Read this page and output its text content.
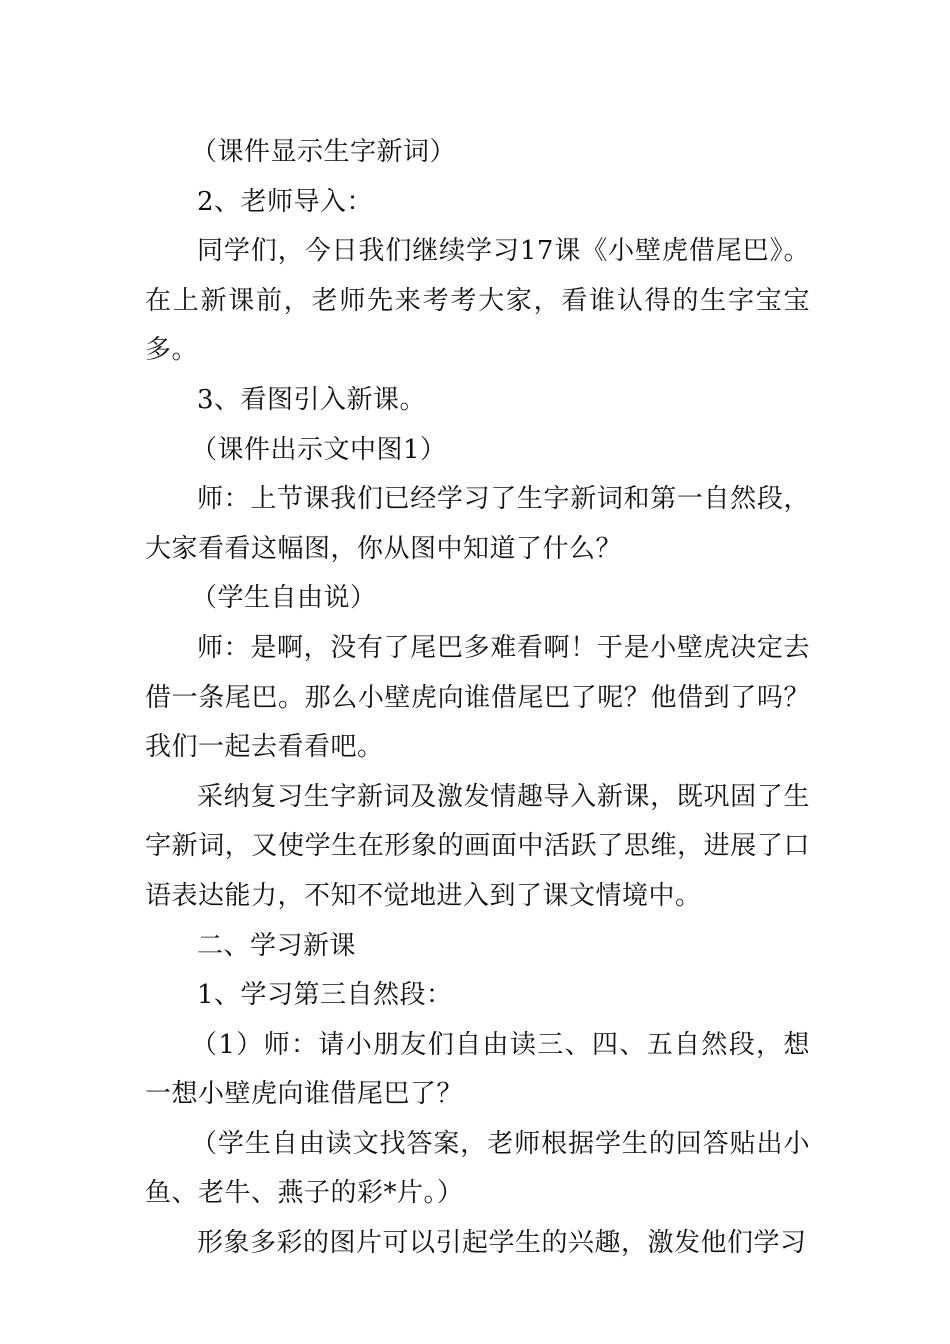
（课件显示生字新词）

2、老师导入：

同学们，今日我们继续学习17课《小壁虎借尾巴》。在上新课前，老师先来考考大家，看谁认得的生字宝宝多。

3、看图引入新课。

（课件出示文中图1）

师：上节课我们已经学习了生字新词和第一自然段，大家看看这幅图，你从图中知道了什么？

（学生自由说）

师：是啊，没有了尾巴多难看啊！于是小壁虎决定去借一条尾巴。那么小壁虎向谁借尾巴了呢？他借到了吗？我们一起去看看吧。

采纳复习生字新词及激发情趣导入新课，既巩固了生字新词，又使学生在形象的画面中活跃了思维，进展了口语表达能力，不知不觉地进入到了课文情境中。

二、学习新课

1、学习第三自然段：

（1）师：请小朋友们自由读三、四、五自然段，想一想小壁虎向谁借尾巴了？

（学生自由读文找答案，老师根据学生的回答贴出小鱼、老牛、燕子的彩*片。）

形象多彩的图片可以引起学生的兴趣，激发他们学习
